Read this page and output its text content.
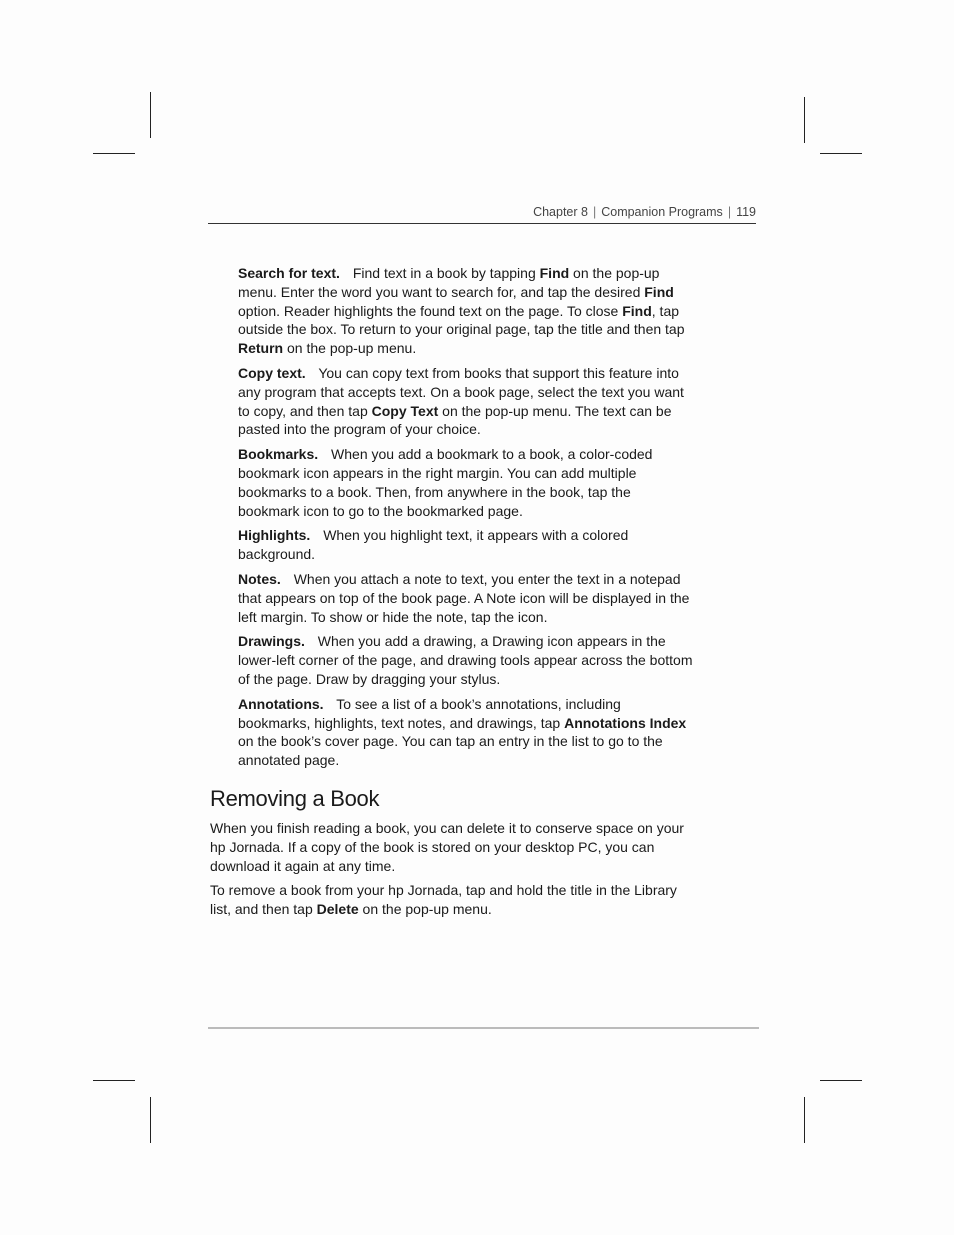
Chapter 8 | Companion Programs | 119

Search for text. Find text in a book by tapping Find on the pop-up menu. Enter the word you want to search for, and tap the desired Find option. Reader highlights the found text on the page. To close Find, tap outside the box. To return to your original page, tap the title and then tap Return on the pop-up menu.

Copy text. You can copy text from books that support this feature into any program that accepts text. On a book page, select the text you want to copy, and then tap Copy Text on the pop-up menu. The text can be pasted into the program of your choice.

Bookmarks. When you add a bookmark to a book, a color-coded bookmark icon appears in the right margin. You can add multiple bookmarks to a book. Then, from anywhere in the book, tap the bookmark icon to go to the bookmarked page.

Highlights. When you highlight text, it appears with a colored background.

Notes. When you attach a note to text, you enter the text in a notepad that appears on top of the book page. A Note icon will be displayed in the left margin. To show or hide the note, tap the icon.

Drawings. When you add a drawing, a Drawing icon appears in the lower-left corner of the page, and drawing tools appear across the bottom of the page. Draw by dragging your stylus.

Annotations. To see a list of a book’s annotations, including bookmarks, highlights, text notes, and drawings, tap Annotations Index on the book’s cover page. You can tap an entry in the list to go to the annotated page.

Removing a Book

When you finish reading a book, you can delete it to conserve space on your hp Jornada. If a copy of the book is stored on your desktop PC, you can download it again at any time.

To remove a book from your hp Jornada, tap and hold the title in the Library list, and then tap Delete on the pop-up menu.
